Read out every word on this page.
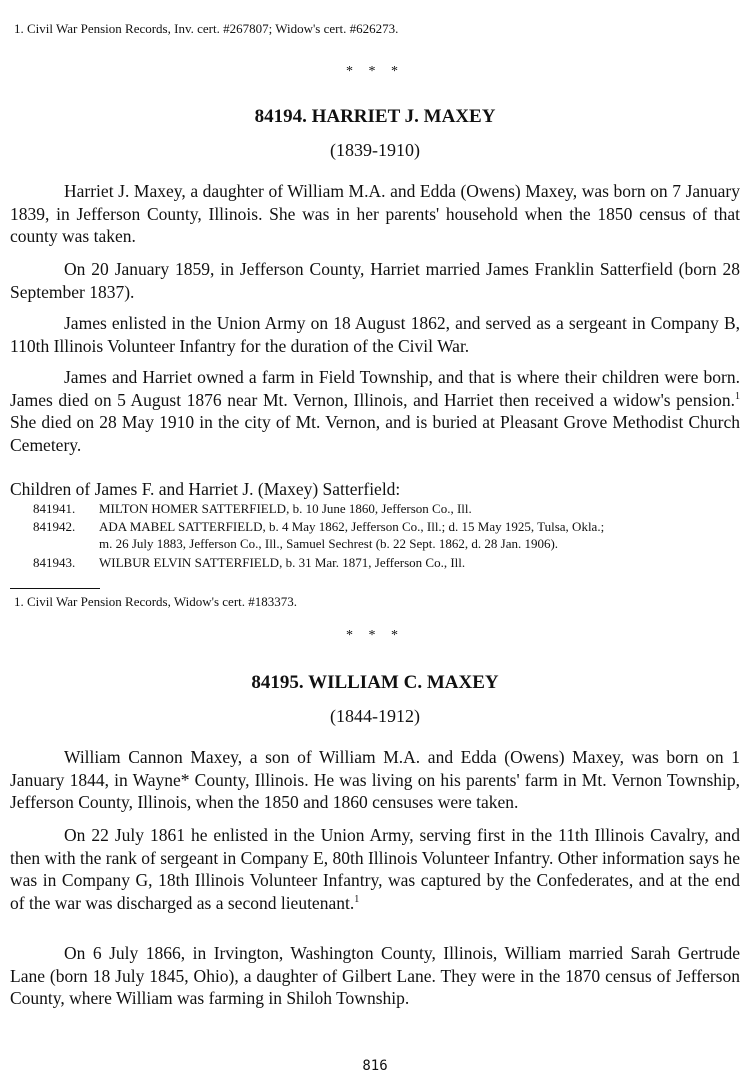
1. Civil War Pension Records, Inv. cert. #267807; Widow's cert. #626273.
* * *
84194. HARRIET J. MAXEY
(1839-1910)

Harriet J. Maxey, a daughter of William M.A. and Edda (Owens) Maxey, was born on 7 January 1839, in Jefferson County, Illinois. She was in her parents' household when the 1850 census of that county was taken.

On 20 January 1859, in Jefferson County, Harriet married James Franklin Satterfield (born 28 September 1837).

James enlisted in the Union Army on 18 August 1862, and served as a sergeant in Company B, 110th Illinois Volunteer Infantry for the duration of the Civil War.

James and Harriet owned a farm in Field Township, and that is where their children were born. James died on 5 August 1876 near Mt. Vernon, Illinois, and Harriet then received a widow's pension.$^1$ She died on 28 May 1910 in the city of Mt. Vernon, and is buried at Pleasant Grove Methodist Church Cemetery.

Children of James F. and Harriet J. (Maxey) Satterfield:
841941. MILTON HOMER SATTERFIELD, b. 10 June 1860, Jefferson Co., Ill.
841942. ADA MABEL SATTERFIELD, b. 4 May 1862, Jefferson Co., Ill.; d. 15 May 1925, Tulsa, Okla.;
m. 26 July 1883, Jefferson Co., Ill., Samuel Sechrest (b. 22 Sept. 1862, d. 28 Jan. 1906).
841943. WILBUR ELVIN SATTERFIELD, b. 31 Mar. 1871, Jefferson Co., Ill.
1. Civil War Pension Records, Widow's cert. #183373.
* * *
84195. WILLIAM C. MAXEY
(1844-1912)

William Cannon Maxey, a son of William M.A. and Edda (Owens) Maxey, was born on 1 January 1844, in Wayne* County, Illinois. He was living on his parents' farm in Mt. Vernon Township, Jefferson County, Illinois, when the 1850 and 1860 censuses were taken.

On 22 July 1861 he enlisted in the Union Army, serving first in the 11th Illinois Cavalry, and then with the rank of sergeant in Company E, 80th Illinois Volunteer Infantry. Other information says he was in Company G, 18th Illinois Volunteer Infantry, was captured by the Confederates, and at the end of the war was discharged as a second lieutenant.$^1$

On 6 July 1866, in Irvington, Washington County, Illinois, William married Sarah Gertrude Lane (born 18 July 1845, Ohio), a daughter of Gilbert Lane. They were in the 1870 census of Jefferson County, where William was farming in Shiloh Township.

816
